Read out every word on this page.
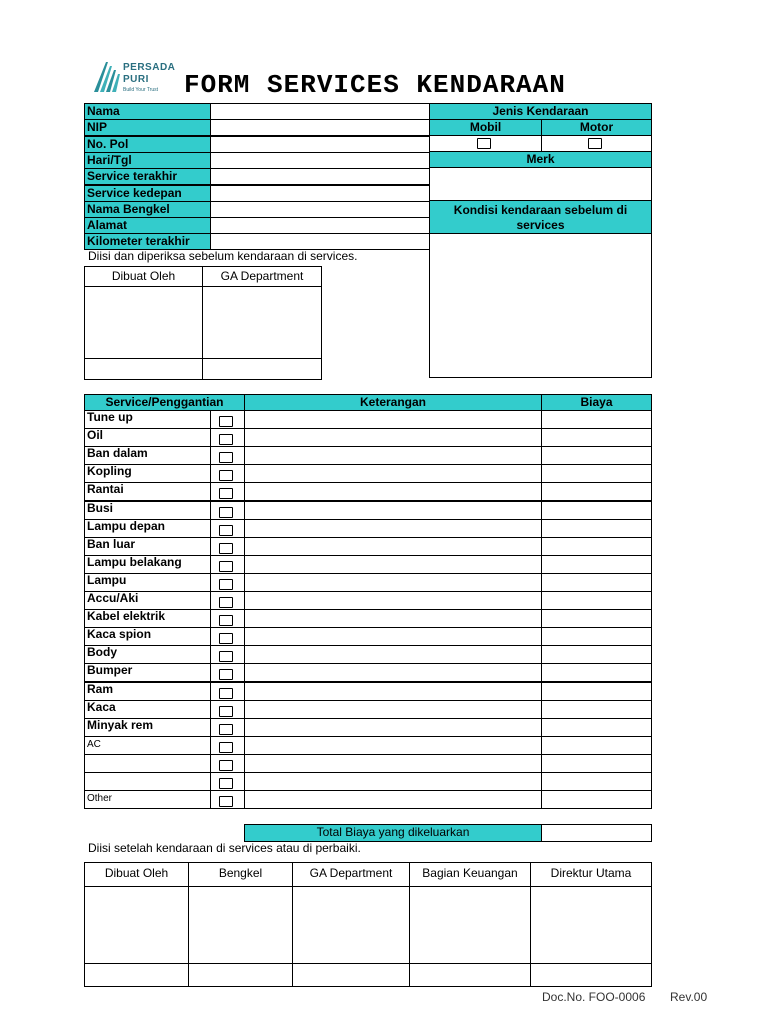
PERSADA
PURI
Build Your Trust FORM SERVICES KENDARAAN
Nama
NIP
No. Pol
Hari/Tgl
Service terakhir
Service kedepan
Nama Bengkel
Alamat
Kilometer terakhir
Jenis Kendaraan
Mobil	Motor
Merk
Kondisi kendaraan sebelum di
services
Diisi dan diperiksa sebelum kendaraan di services.
Dibuat Oleh	GA Department
Service/Penggantian	Keterangan	Biaya
Tune up
Oil
Ban dalam
Kopling
Rantai
Busi
Lampu depan
Ban luar
Lampu belakang
Lampu
Accu/Aki
Kabel elektrik
Kaca spion
Body
Bumper
Ram
Kaca
Minyak rem
AC
Other
Total Biaya yang dikeluarkan
Diisi setelah kendaraan di services atau di perbaiki.
Dibuat Oleh	Bengkel	GA Department	Bagian Keuangan	Direktur Utama
Doc.No. FOO-0006 Rev.00
